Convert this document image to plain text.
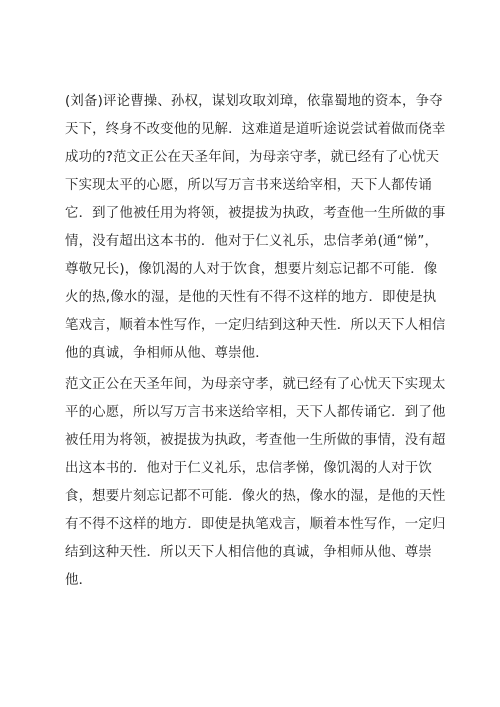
(刘备)评论曹操、孙权，谋划攻取刘璋，依靠蜀地的资本，争夺
天下，终身不改变他的见解．这难道是道听途说尝试着做而侥幸
成功的?范文正公在天圣年间，为母亲守孝，就已经有了心忧天
下实现太平的心愿，所以写万言书来送给宰相，天下人都传诵
它．到了他被任用为将领，被提拔为执政，考查他一生所做的事
情，没有超出这本书的．他对于仁义礼乐，忠信孝弟(通“悌”，
尊敬兄长)，像饥渴的人对于饮食，想要片刻忘记都不可能．像
火的热,像水的湿，是他的天性有不得不这样的地方．即使是执
笔戏言，顺着本性写作，一定归结到这种天性．所以天下人相信
他的真诚，争相师从他、尊崇他．
范文正公在天圣年间，为母亲守孝，就已经有了心忧天下实现太
平的心愿，所以写万言书来送给宰相，天下人都传诵它．到了他
被任用为将领，被提拔为执政，考查他一生所做的事情，没有超
出这本书的．他对于仁义礼乐，忠信孝悌，像饥渴的人对于饮
食，想要片刻忘记都不可能．像火的热，像水的湿，是他的天性
有不得不这样的地方．即使是执笔戏言，顺着本性写作，一定归
结到这种天性．所以天下人相信他的真诚，争相师从他、尊崇
他．
